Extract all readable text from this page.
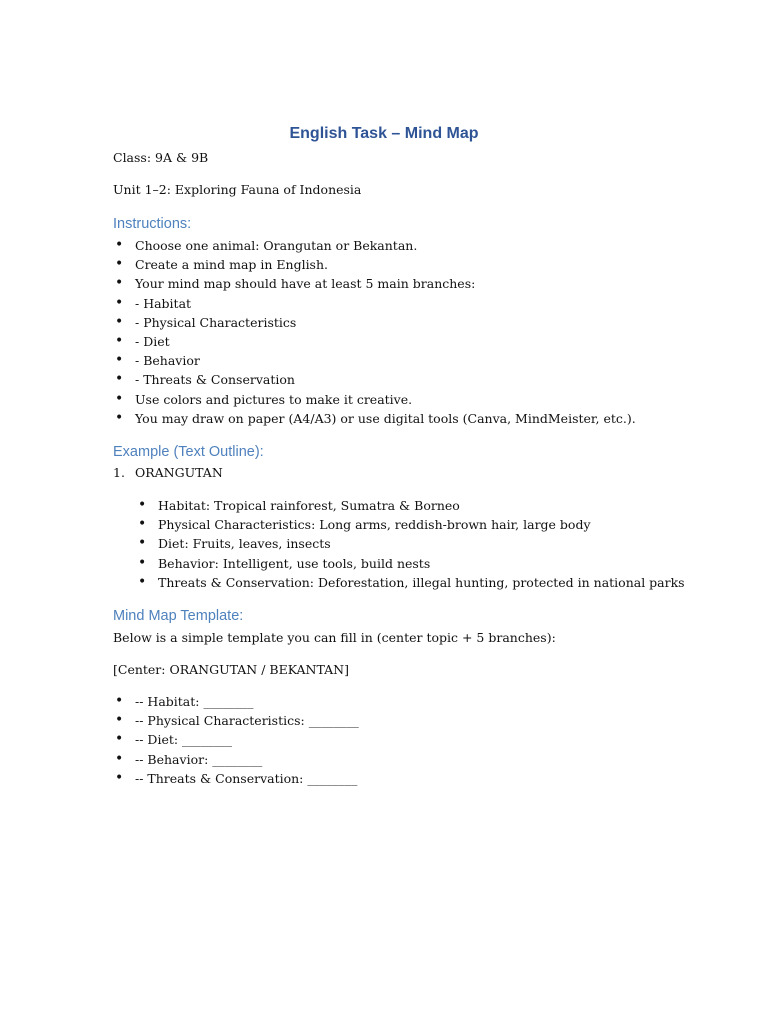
English Task – Mind Map

Class: 9A & 9B

Unit 1–2: Exploring Fauna of Indonesia

Instructions:
• Choose one animal: Orangutan or Bekantan.
• Create a mind map in English.
• Your mind map should have at least 5 main branches:
• - Habitat
• - Physical Characteristics
• - Diet
• - Behavior
• - Threats & Conservation
• Use colors and pictures to make it creative.
• You may draw on paper (A4/A3) or use digital tools (Canva, MindMeister, etc.).
Example (Text Outline):

1. ORANGUTAN

• Habitat: Tropical rainforest, Sumatra & Borneo
• Physical Characteristics: Long arms, reddish-brown hair, large body
• Diet: Fruits, leaves, insects
• Behavior: Intelligent, use tools, build nests
• Threats & Conservation: Deforestation, illegal hunting, protected in national parks
Mind Map Template:

Below is a simple template you can fill in (center topic + 5 branches):

[Center: ORANGUTAN / BEKANTAN]

• -- Habitat: ________
• -- Physical Characteristics: ________
• -- Diet: ________
• -- Behavior: ________
• -- Threats & Conservation: ________
